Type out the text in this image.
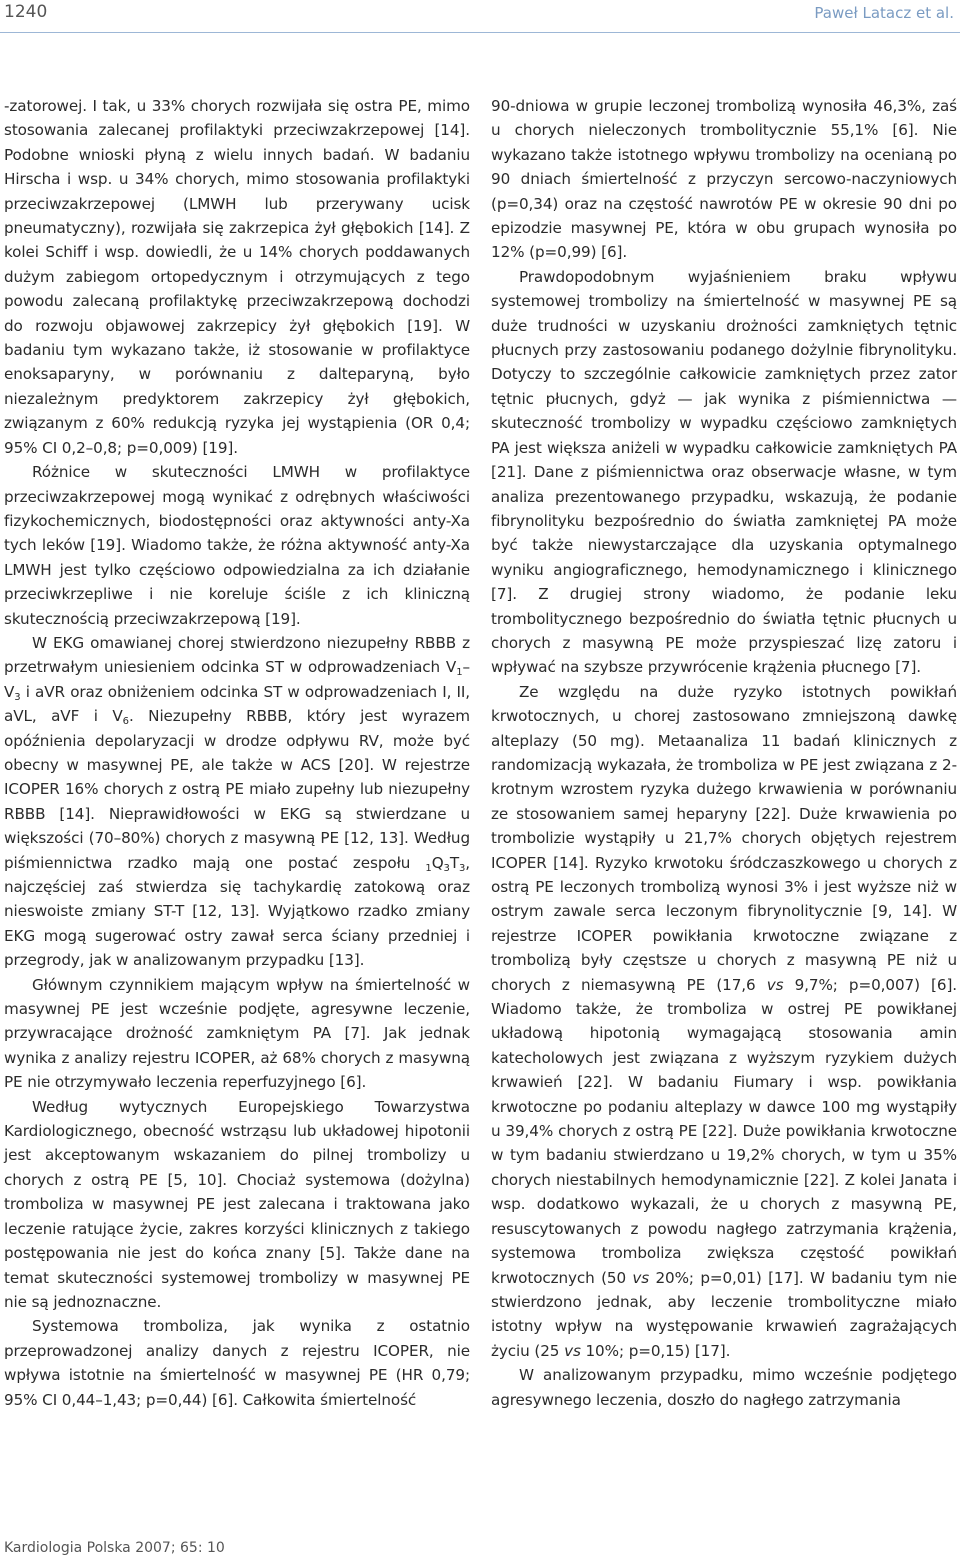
1240	Paweł Latacz et al.

-zatorowej. I tak, u 33% chorych rozwijała się ostra PE, mimo stosowania zalecanej profilaktyki przeciwzakrzepowej [14]. Podobne wnioski płyną z wielu innych badań. W badaniu Hirscha i wsp. u 34% chorych, mimo stosowania profilaktyki przeciwzakrzepowej (LMWH lub przerywany ucisk pneumatyczny), rozwijała się zakrzepica żył głębokich [14]. Z kolei Schiff i wsp. dowiedli, że u 14% chorych poddawanych dużym zabiegom ortopedycznym i otrzymujących z tego powodu zalecaną profilaktykę przeciwzakrzepową dochodzi do rozwoju objawowej zakrzepicy żył głębokich [19]. W badaniu tym wykazano także, iż stosowanie w profilaktyce enoksaparyny, w porównaniu z dalteparyną, było niezależnym predyktorem zakrzepicy żył głębokich, związanym z 60% redukcją ryzyka jej wystąpienia (OR 0,4; 95% CI 0,2–0,8; p=0,009) [19].

Różnice w skuteczności LMWH w profilaktyce przeciwzakrzepowej mogą wynikać z odrębnych właściwości fizykochemicznych, biodostępności oraz aktywności anty-Xa tych leków [19]. Wiadomo także, że różna aktywność anty-Xa LMWH jest tylko częściowo odpowiedzialna za ich działanie przeciwkrzepliwe i nie koreluje ściśle z ich kliniczną skutecznością przeciwzakrzepową [19].

W EKG omawianej chorej stwierdzono niezupełny RBBB z przetrwałym uniesieniem odcinka ST w odprowadzeniach $V_1-V_3$ i aVR oraz obniżeniem odcinka ST w odprowadzeniach I, II, aVL, aVF i $V_6$. Niezupełny RBBB, który jest wyrazem opóźnienia depolaryzacji w drodze odpływu RV, może być obecny w masywnej PE, ale także w ACS [20]. W rejestrze ICOPER 16% chorych z ostrą PE miało zupełny lub niezupełny RBBB [14]. Nieprawidłowości w EKG są stwierdzane u większości (70–80%) chorych z masywną PE [12, 13]. Według piśmiennictwa rzadko mają one postać zespołu $_1Q_3T_3$, najczęściej zaś stwierdza się tachykardię zatokową oraz nieswoiste zmiany ST-T [12, 13]. Wyjątkowo rzadko zmiany EKG mogą sugerować ostry zawał serca ściany przedniej i przegrody, jak w analizowanym przypadku [13].

Głównym czynnikiem mającym wpływ na śmiertelność w masywnej PE jest wcześnie podjęte, agresywne leczenie, przywracające drożność zamkniętym PA [7]. Jak jednak wynika z analizy rejestru ICOPER, aż 68% chorych z masywną PE nie otrzymywało leczenia reperfuzyjnego [6].

Według wytycznych Europejskiego Towarzystwa Kardiologicznego, obecność wstrząsu lub układowej hipotonii jest akceptowanym wskazaniem do pilnej trombolizy u chorych z ostrą PE [5, 10]. Chociaż systemowa (dożylna) tromboliza w masywnej PE jest zalecana i traktowana jako leczenie ratujące życie, zakres korzyści klinicznych z takiego postępowania nie jest do końca znany [5]. Także dane na temat skuteczności systemowej trombolizy w masywnej PE nie są jednoznaczne.

Systemowa tromboliza, jak wynika z ostatnio przeprowadzonej analizy danych z rejestru ICOPER, nie wpływa istotnie na śmiertelność w masywnej PE (HR 0,79; 95% CI 0,44–1,43; p=0,44) [6]. Całkowita śmiertelność

90-dniowa w grupie leczonej trombolizą wynosiła 46,3%, zaś u chorych nieleczonych trombolitycznie 55,1% [6]. Nie wykazano także istotnego wpływu trombolizy na ocenianą po 90 dniach śmiertelność z przyczyn sercowo-naczyniowych (p=0,34) oraz na częstość nawrotów PE w okresie 90 dni po epizodzie masywnej PE, która w obu grupach wynosiła po 12% (p=0,99) [6].

Prawdopodobnym wyjaśnieniem braku wpływu systemowej trombolizy na śmiertelność w masywnej PE są duże trudności w uzyskaniu drożności zamkniętych tętnic płucnych przy zastosowaniu podanego dożylnie fibrynolityku. Dotyczy to szczególnie całkowicie zamkniętych przez zator tętnic płucnych, gdyż — jak wynika z piśmiennictwa — skuteczność trombolizy w wypadku częściowo zamkniętych PA jest większa aniżeli w wypadku całkowicie zamkniętych PA [21]. Dane z piśmiennictwa oraz obserwacje własne, w tym analiza prezentowanego przypadku, wskazują, że podanie fibrynolityku bezpośrednio do światła zamkniętej PA może być także niewystarczające dla uzyskania optymalnego wyniku angiograficznego, hemodynamicznego i klinicznego [7]. Z drugiej strony wiadomo, że podanie leku trombolitycznego bezpośrednio do światła tętnic płucnych u chorych z masywną PE może przyspieszać lizę zatoru i wpływać na szybsze przywrócenie krążenia płucnego [7].

Ze względu na duże ryzyko istotnych powikłań krwotocznych, u chorej zastosowano zmniejszoną dawkę alteplazy (50 mg). Metaanaliza 11 badań klinicznych z randomizacją wykazała, że tromboliza w PE jest związana z 2-krotnym wzrostem ryzyka dużego krwawienia w porównaniu ze stosowaniem samej heparyny [22]. Duże krwawienia po trombolizie wystąpiły u 21,7% chorych objętych rejestrem ICOPER [14]. Ryzyko krwotoku śródczaszkowego u chorych z ostrą PE leczonych trombolizą wynosi 3% i jest wyższe niż w ostrym zawale serca leczonym fibrynolitycznie [9, 14]. W rejestrze ICOPER powikłania krwotoczne związane z trombolizą były częstsze u chorych z masywną PE niż u chorych z niemasywną PE (17,6 vs 9,7%; p=0,007) [6]. Wiadomo także, że tromboliza w ostrej PE powikłanej układową hipotonią wymagającą stosowania amin katecholowych jest związana z wyższym ryzykiem dużych krwawień [22]. W badaniu Fiumary i wsp. powikłania krwotoczne po podaniu alteplazy w dawce 100 mg wystąpiły u 39,4% chorych z ostrą PE [22]. Duże powikłania krwotoczne w tym badaniu stwierdzano u 19,2% chorych, w tym u 35% chorych niestabilnych hemodynamicznie [22]. Z kolei Janata i wsp. dodatkowo wykazali, że u chorych z masywną PE, resuscytowanych z powodu nagłego zatrzymania krążenia, systemowa tromboliza zwiększa częstość powikłań krwotocznych (50 vs 20%; p=0,01) [17]. W badaniu tym nie stwierdzono jednak, aby leczenie trombolityczne miało istotny wpływ na występowanie krwawień zagrażających życiu (25 vs 10%; p=0,15) [17].

W analizowanym przypadku, mimo wcześnie podjętego agresywnego leczenia, doszło do nagłego zatrzymania

Kardiologia Polska 2007; 65: 10
